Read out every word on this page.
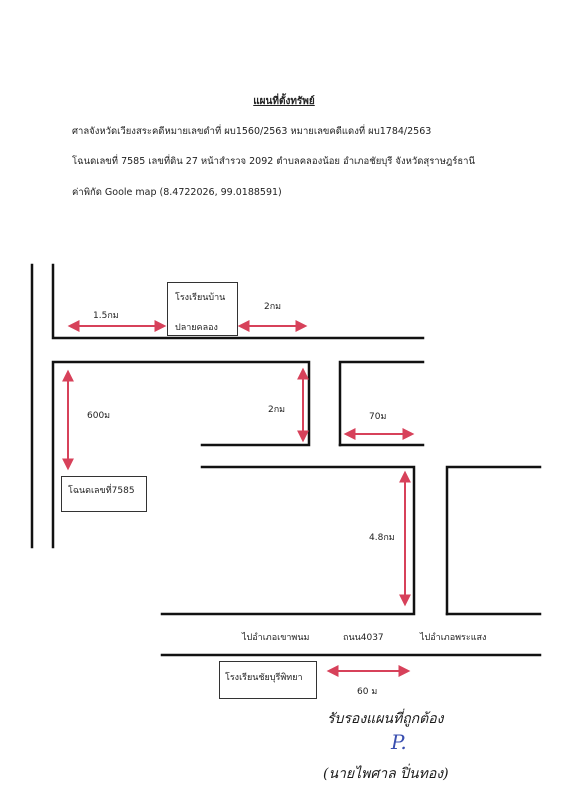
แผนที่ตั้งทรัพย์
ศาลจังหวัดเวียงสระคดีหมายเลขดำที่ ผบ1560/2563 หมายเลขคดีแดงที่ ผบ1784/2563
โฉนดเลขที่ 7585 เลขที่ดิน 27 หน้าสำรวจ 2092 ตำบลคลองน้อย อำเภอชัยบุรี จังหวัดสุราษฎร์ธานี
ค่าพิกัด Goole map (8.4722026, 99.0188591)
โรงเรียนบ้าน
ปลายคลอง
โฉนดเลขที่7585
โรงเรียนชัยบุรีพิทยา
1.5กม
2กม
600ม
2กม
70ม
4.8กม
ไปอำเภอเขาพนม	ถนน4037	ไปอำเภอพระแสง
60 ม
รับรองแผนที่ถูกต้อง
P.
(นายไพศาล ปิ่นทอง)
